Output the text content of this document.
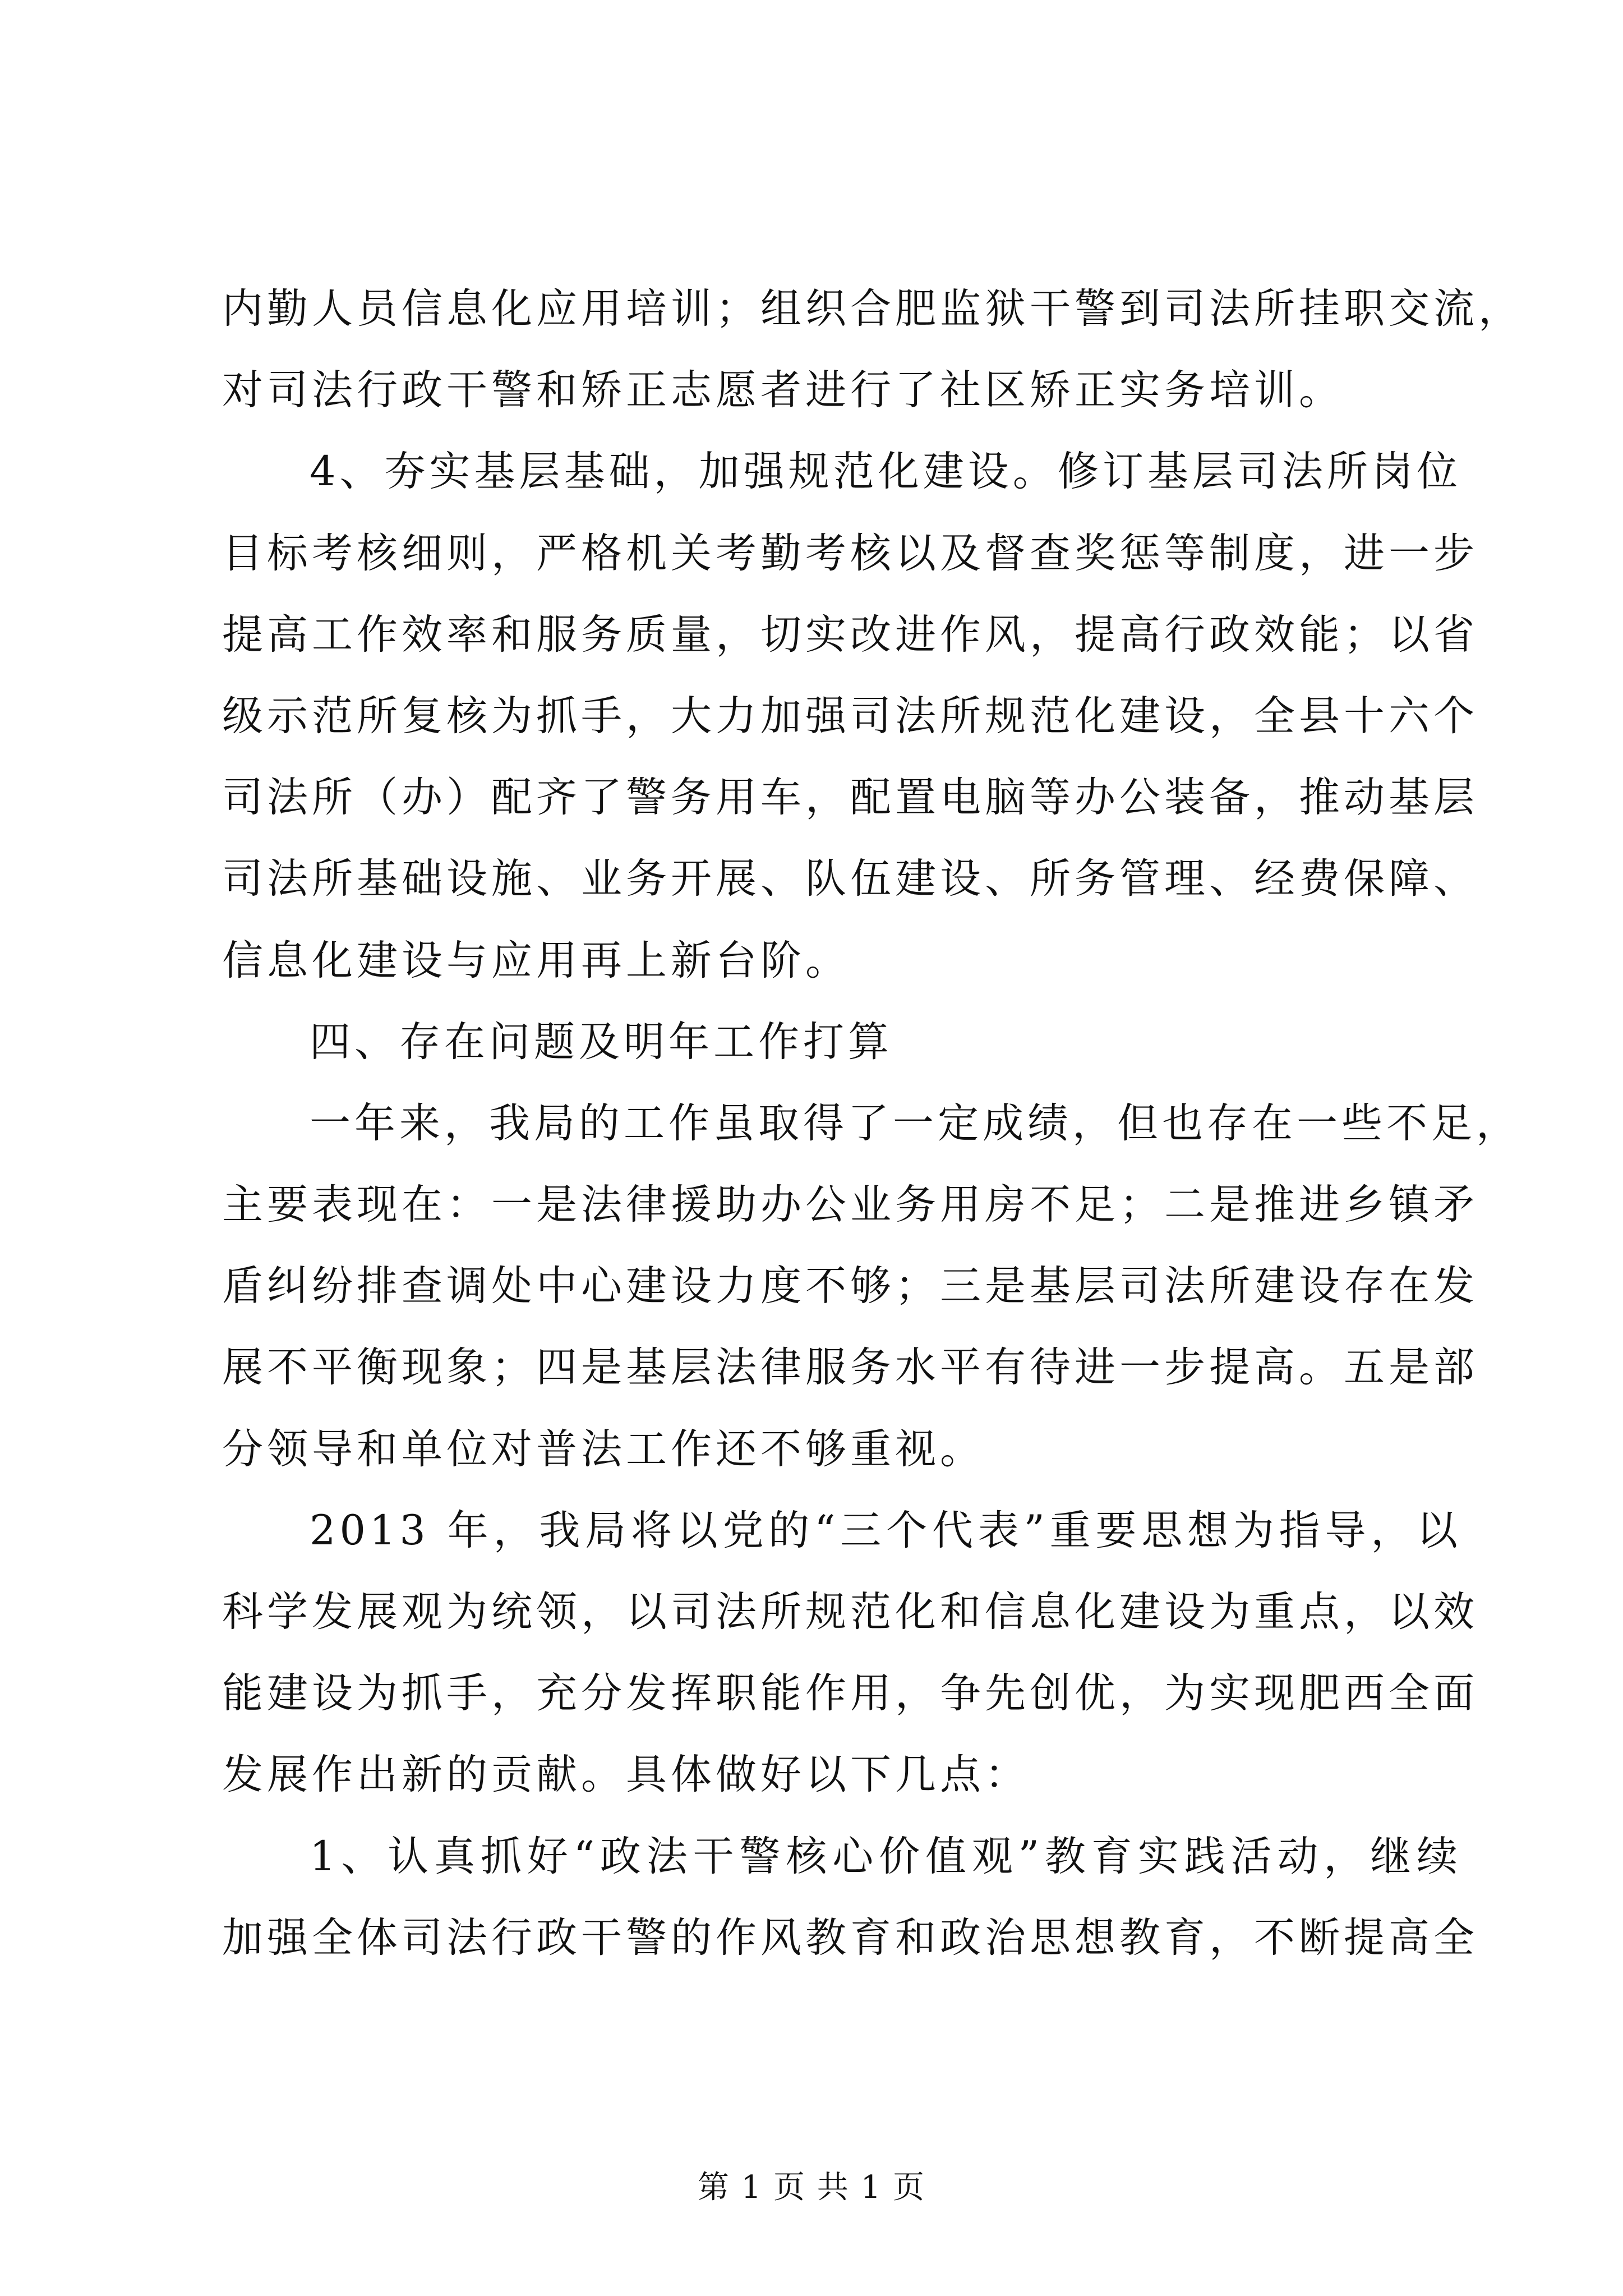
内勤人员信息化应用培训；组织合肥监狱干警到司法所挂职交流，
对司法行政干警和矫正志愿者进行了社区矫正实务培训。
4、夯实基层基础，加强规范化建设。修订基层司法所岗位
目标考核细则，严格机关考勤考核以及督查奖惩等制度，进一步
提高工作效率和服务质量，切实改进作风，提高行政效能；以省
级示范所复核为抓手，大力加强司法所规范化建设，全县十六个
司法所（办）配齐了警务用车，配置电脑等办公装备，推动基层
司法所基础设施、业务开展、队伍建设、所务管理、经费保障、
信息化建设与应用再上新台阶。
四、存在问题及明年工作打算
一年来，我局的工作虽取得了一定成绩，但也存在一些不足，
主要表现在：一是法律援助办公业务用房不足；二是推进乡镇矛
盾纠纷排查调处中心建设力度不够；三是基层司法所建设存在发
展不平衡现象；四是基层法律服务水平有待进一步提高。五是部
分领导和单位对普法工作还不够重视。
2013 年，我局将以党的“三个代表”重要思想为指导，以
科学发展观为统领，以司法所规范化和信息化建设为重点，以效
能建设为抓手，充分发挥职能作用，争先创优，为实现肥西全面
发展作出新的贡献。具体做好以下几点：
1、认真抓好“政法干警核心价值观”教育实践活动，继续
加强全体司法行政干警的作风教育和政治思想教育，不断提高全
第 1 页 共 1 页
